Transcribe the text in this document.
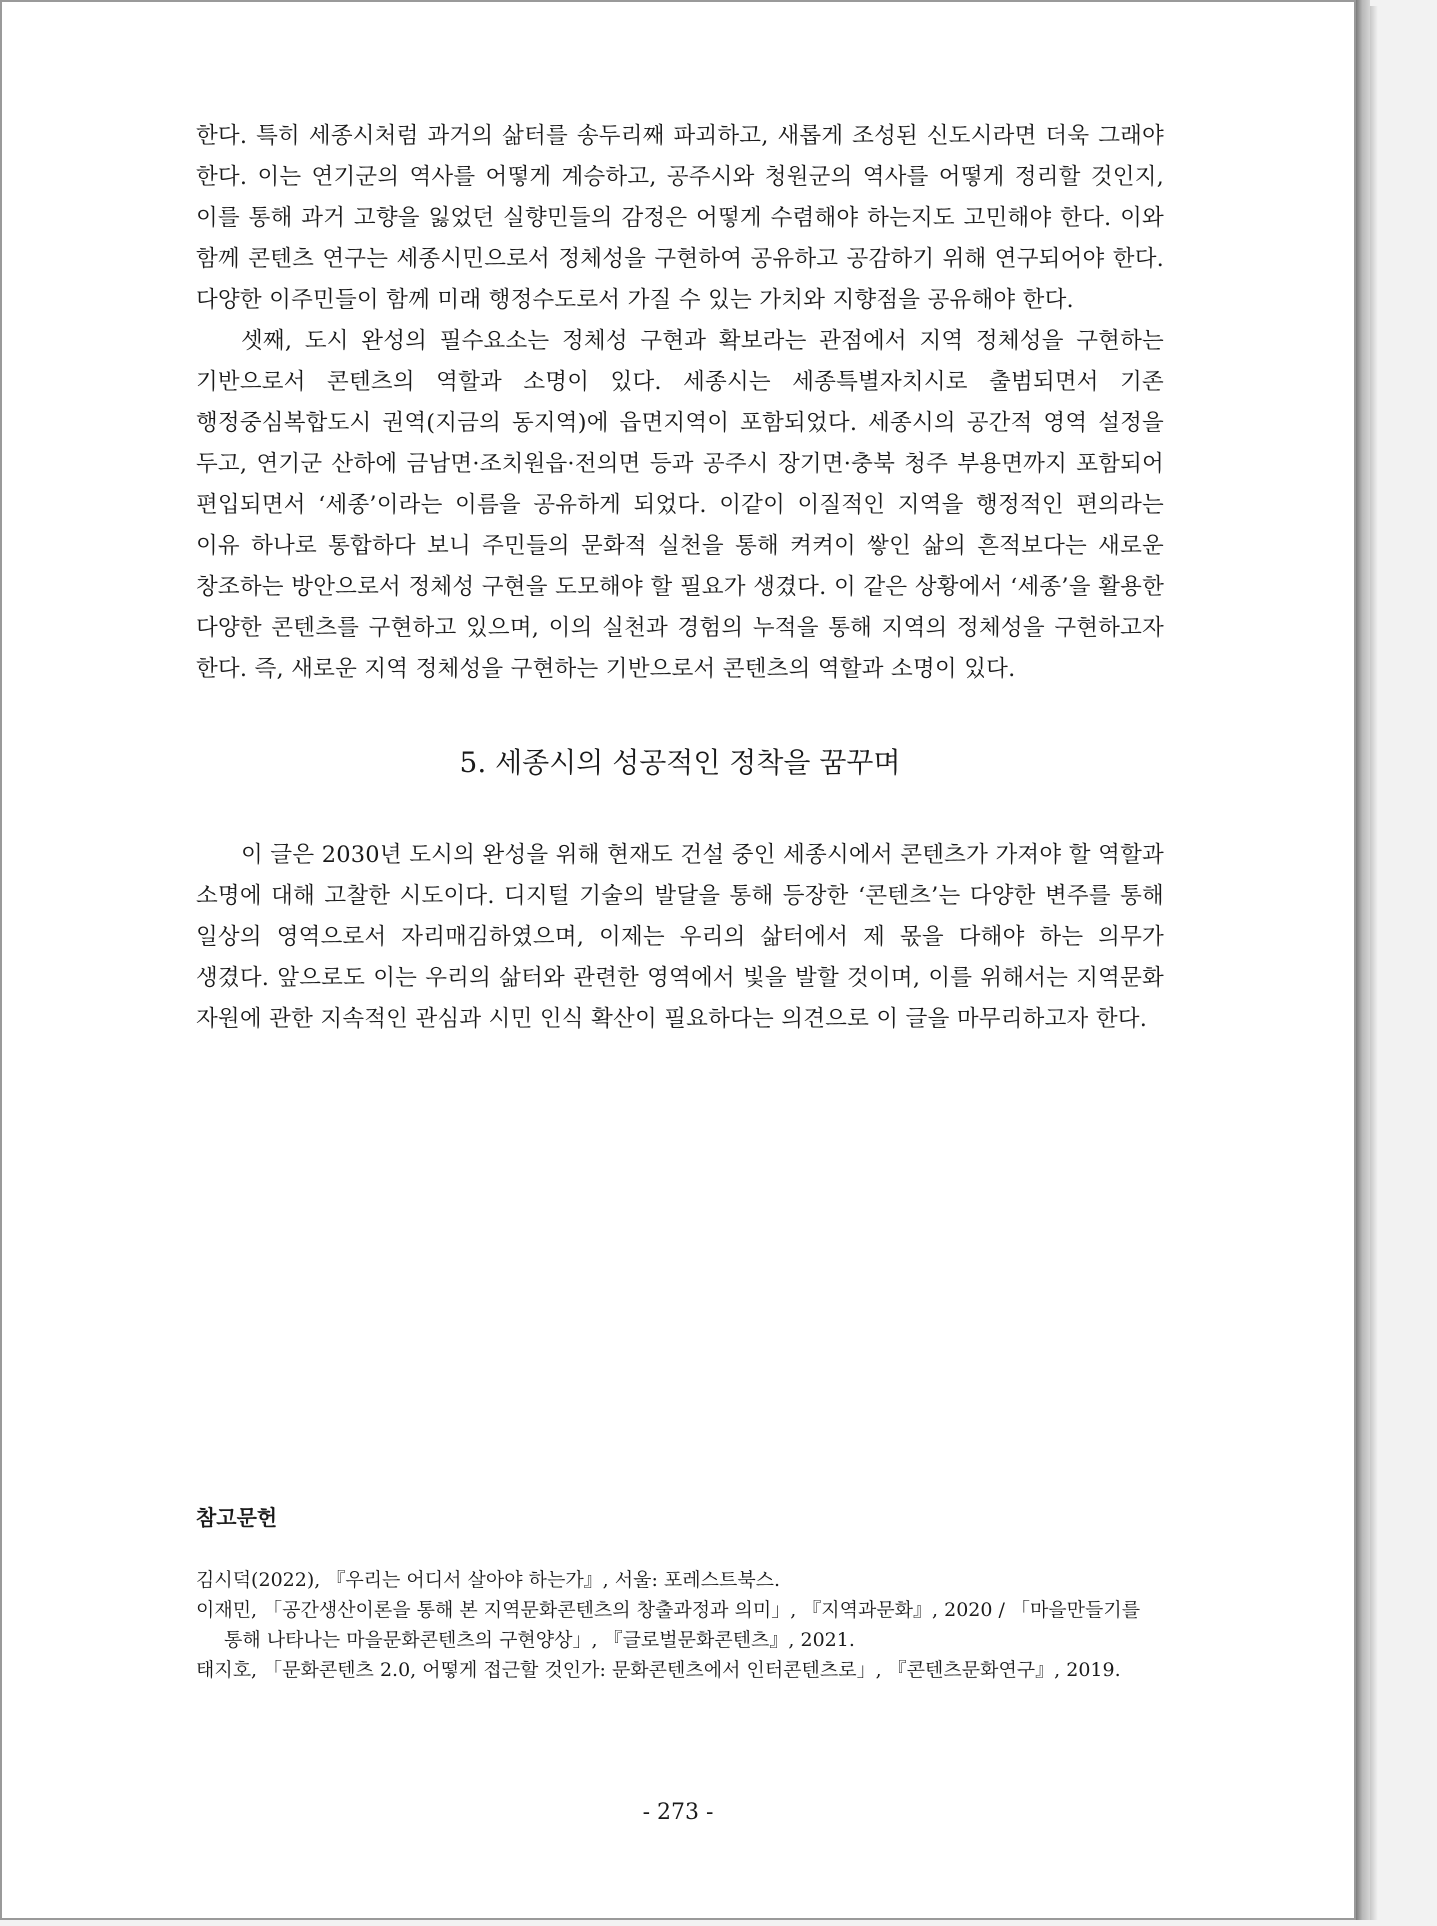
한다. 특히 세종시처럼 과거의 삶터를 송두리째 파괴하고, 새롭게 조성된 신도시라면 더욱 그래야 한다. 이는 연기군의 역사를 어떻게 계승하고, 공주시와 청원군의 역사를 어떻게 정리할 것인지, 이를 통해 과거 고향을 잃었던 실향민들의 감정은 어떻게 수렴해야 하는지도 고민해야 한다. 이와 함께 콘텐츠 연구는 세종시민으로서 정체성을 구현하여 공유하고 공감하기 위해 연구되어야 한다. 다양한 이주민들이 함께 미래 행정수도로서 가질 수 있는 가치와 지향점을 공유해야 한다.

셋째, 도시 완성의 필수요소는 정체성 구현과 확보라는 관점에서 지역 정체성을 구현하는 기반으로서 콘텐츠의 역할과 소명이 있다. 세종시는 세종특별자치시로 출범되면서 기존 행정중심복합도시 권역(지금의 동지역)에 읍면지역이 포함되었다. 세종시의 공간적 영역 설정을 두고, 연기군 산하에 금남면·조치원읍·전의면 등과 공주시 장기면·충북 청주 부용면까지 포함되어 편입되면서 ‘세종’이라는 이름을 공유하게 되었다. 이같이 이질적인 지역을 행정적인 편의라는 이유 하나로 통합하다 보니 주민들의 문화적 실천을 통해 켜켜이 쌓인 삶의 흔적보다는 새로운 창조하는 방안으로서 정체성 구현을 도모해야 할 필요가 생겼다. 이 같은 상황에서 ‘세종’을 활용한 다양한 콘텐츠를 구현하고 있으며, 이의 실천과 경험의 누적을 통해 지역의 정체성을 구현하고자 한다. 즉, 새로운 지역 정체성을 구현하는 기반으로서 콘텐츠의 역할과 소명이 있다.

5. 세종시의 성공적인 정착을 꿈꾸며

이 글은 2030년 도시의 완성을 위해 현재도 건설 중인 세종시에서 콘텐츠가 가져야 할 역할과 소명에 대해 고찰한 시도이다. 디지털 기술의 발달을 통해 등장한 ‘콘텐츠’는 다양한 변주를 통해 일상의 영역으로서 자리매김하였으며, 이제는 우리의 삶터에서 제 몫을 다해야 하는 의무가 생겼다. 앞으로도 이는 우리의 삶터와 관련한 영역에서 빛을 발할 것이며, 이를 위해서는 지역문화 자원에 관한 지속적인 관심과 시민 인식 확산이 필요하다는 의견으로 이 글을 마무리하고자 한다.

참고문헌
김시덕(2022), 『우리는 어디서 살아야 하는가』, 서울: 포레스트북스.
이재민, 「공간생산이론을 통해 본 지역문화콘텐츠의 창출과정과 의미」, 『지역과문화』, 2020 / 「마을만들기를 통해 나타나는 마을문화콘텐츠의 구현양상」, 『글로벌문화콘텐츠』, 2021.
태지호, 「문화콘텐츠 2.0, 어떻게 접근할 것인가: 문화콘텐츠에서 인터콘텐츠로」, 『콘텐츠문화연구』, 2019.
- 273 -
